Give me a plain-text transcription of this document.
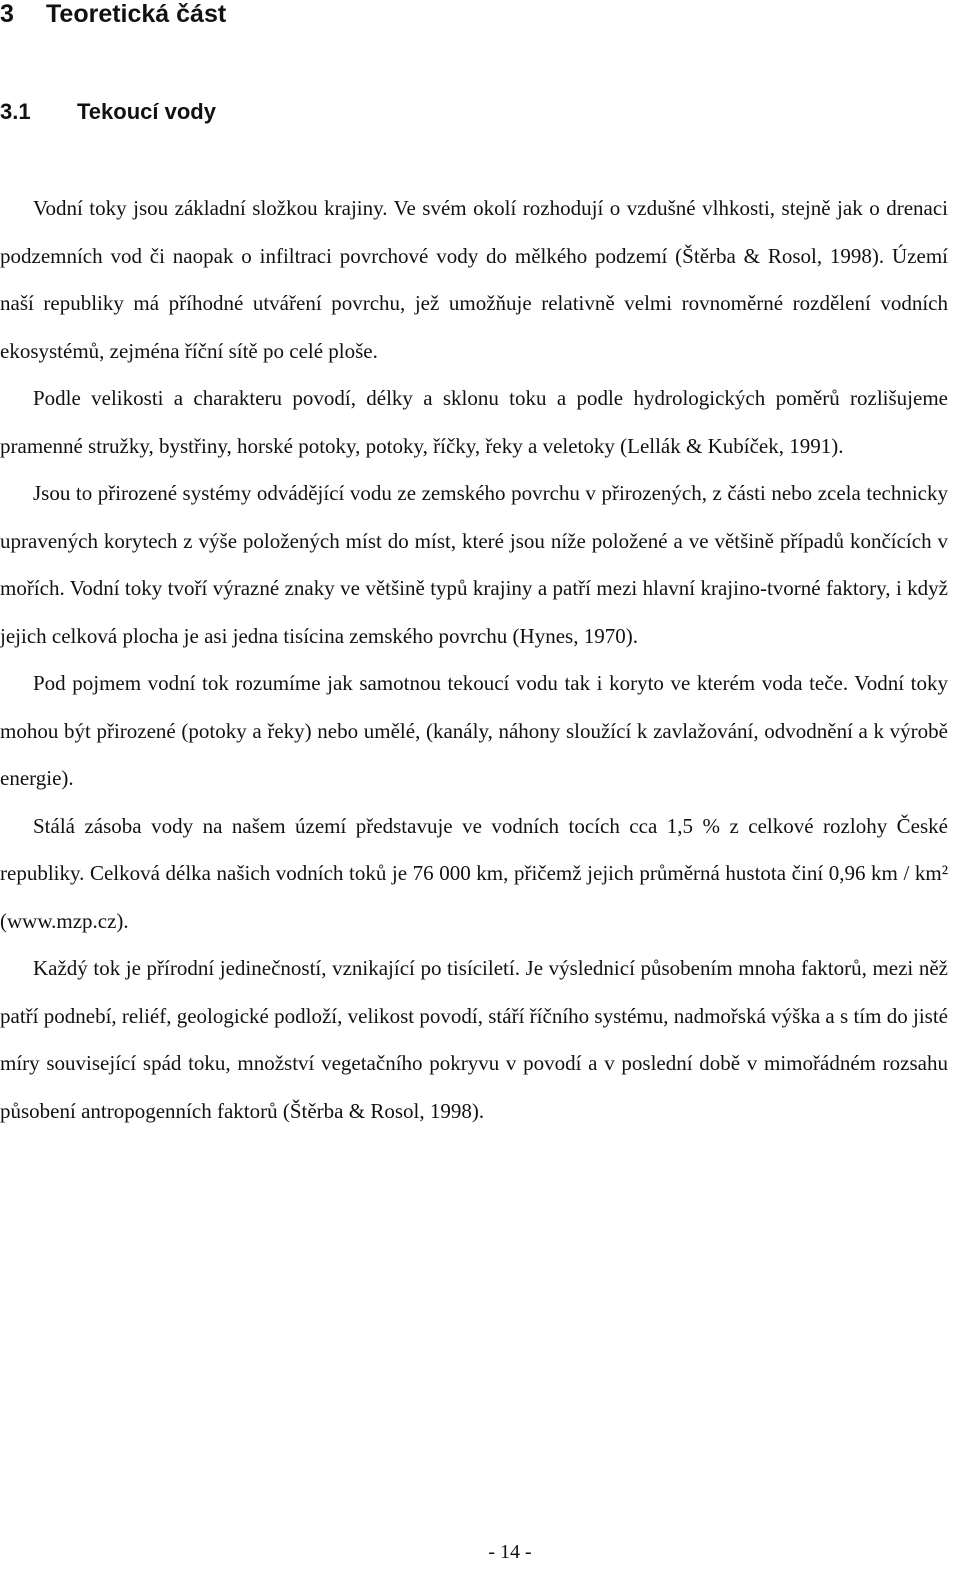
3 Teoretická část
3.1 Tekoucí vody

Vodní toky jsou základní složkou krajiny. Ve svém okolí rozhodují o vzdušné vlhkosti, stejně jak o drenaci podzemních vod či naopak o infiltraci povrchové vody do mělkého podzemí (Štěrba & Rosol, 1998). Území naší republiky má příhodné utváření povrchu, jež umožňuje relativně velmi rovnoměrné rozdělení vodních ekosystémů, zejména říční sítě po celé ploše.

Podle velikosti a charakteru povodí, délky a sklonu toku a podle hydrologických poměrů rozlišujeme pramenné stružky, bystřiny, horské potoky, potoky, říčky, řeky a veletoky (Lellák & Kubíček, 1991).

Jsou to přirozené systémy odvádějící vodu ze zemského povrchu v přirozených, z části nebo zcela technicky upravených korytech z výše položených míst do míst, které jsou níže položené a ve většině případů končících v mořích. Vodní toky tvoří výrazné znaky ve většině typů krajiny a patří mezi hlavní krajino-tvorné faktory, i když jejich celková plocha je asi jedna tisícina zemského povrchu (Hynes, 1970).

Pod pojmem vodní tok rozumíme jak samotnou tekoucí vodu tak i koryto ve kterém voda teče. Vodní toky mohou být přirozené (potoky a řeky) nebo umělé, (kanály, náhony sloužící k zavlažování, odvodnění a k výrobě energie).

Stálá zásoba vody na našem území představuje ve vodních tocích cca 1,5 % z celkové rozlohy České republiky. Celková délka našich vodních toků je 76 000 km, přičemž jejich průměrná hustota činí 0,96 km / km² (www.mzp.cz).

Každý tok je přírodní jedinečností, vznikající po tisíciletí. Je výslednicí působením mnoha faktorů, mezi něž patří podnebí, reliéf, geologické podloží, velikost povodí, stáří říčního systému, nadmořská výška a s tím do jisté míry související spád toku, množství vegetačního pokryvu v povodí a v poslední době v mimořádném rozsahu působení antropogenních faktorů (Štěrba & Rosol, 1998).

- 14 -
